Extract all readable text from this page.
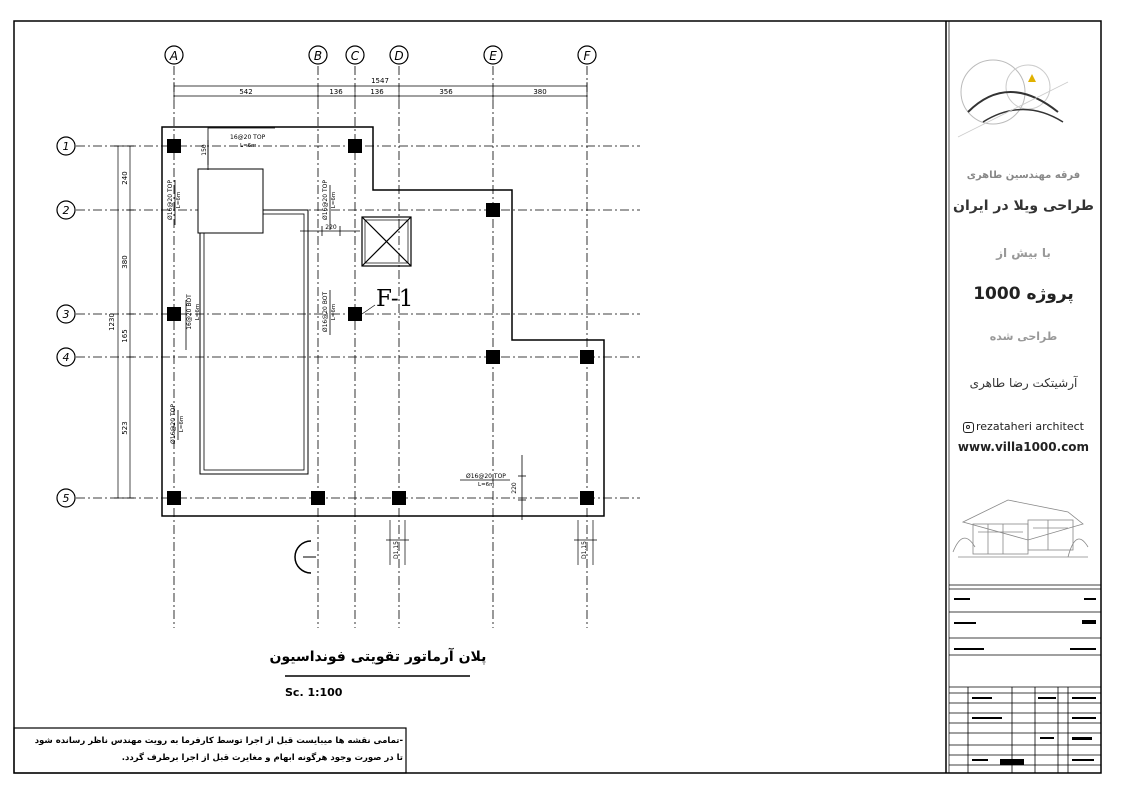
A	B C	D	E	F
1
2
3
4
5
1547
542	136	136	356	380
1230
240
380
165
523
16@20 TOP
L=6m
150
Ø16@20 TOP L=6m
16@20 BOT L=6m
Ø16@20 TOP L=6m
Ø16@20 TOP L=6m
Ø16@20 BOT L=6m
220
Ø16@20 TOP
L=6m	220
F-1
D1.15	D1.15
پلان آرماتور تقویتی فونداسیون
Sc. 1:100
فرقه مهندسین طاهری
طراحی ویلا در ایران
با بیش از
1000 پروژه
طراحی شده
آرشیتکت رضا طاهری
rezataheri architect
www.villa1000.com
-تمامی نقشه ها میبایست قبل از اجرا توسط کارفرما به رویت مهندس ناظر رسانده شود
تا در صورت وجود هرگونه ابهام و مغایرت قبل از اجرا برطرف گردد.
